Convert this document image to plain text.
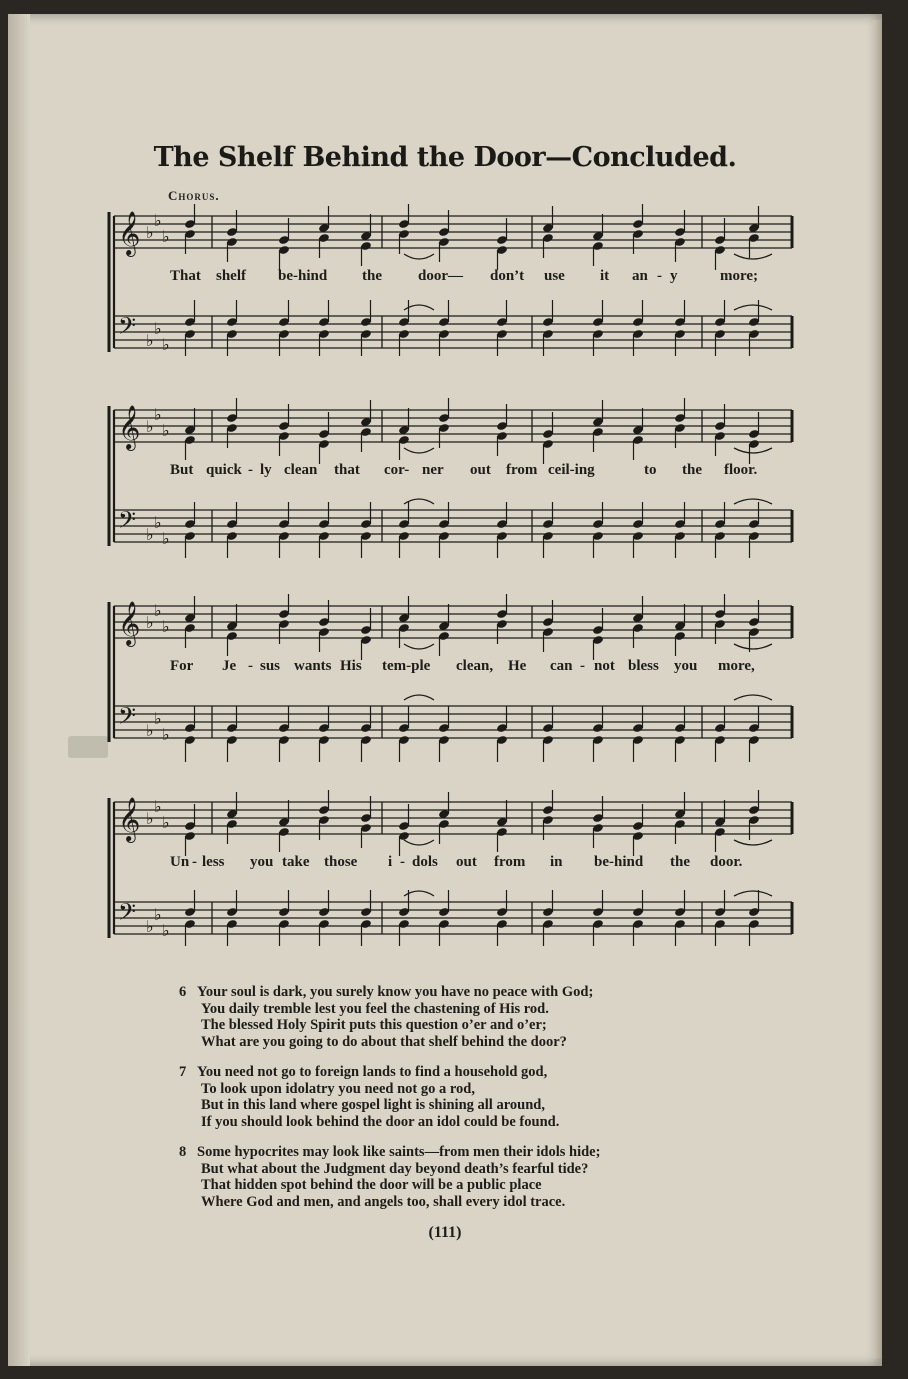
The Shelf Behind the Door—Concluded.
Chorus.
𝄞
𝄢
♭
♭
♭
♭
♭
♭
That shelf be-hind the door— don’t use it an - y	more;
𝄞
𝄢
♭
♭
♭
♭
♭
♭
But quick - ly clean that cor- ner out from ceil-ing	to the floor.
𝄞
𝄢
♭
♭
♭
♭
♭
♭
For Je - sus wants His tem-ple clean, He can - not bless you more,
𝄞
𝄢
♭
♭
♭
♭
♭
♭
Un - less you take those i - dols out from in be-hind the door.
6 Your soul is dark, you surely know you have no peace with God;
You daily tremble lest you feel the chastening of His rod.
The blessed Holy Spirit puts this question o’er and o’er;
What are you going to do about that shelf behind the door?
7 You need not go to foreign lands to find a household god,
To look upon idolatry you need not go a rod,
But in this land where gospel light is shining all around,
If you should look behind the door an idol could be found.
8 Some hypocrites may look like saints—from men their idols hide;
But what about the Judgment day beyond death’s fearful tide?
That hidden spot behind the door will be a public place
Where God and men, and angels too, shall every idol trace.
(111)
